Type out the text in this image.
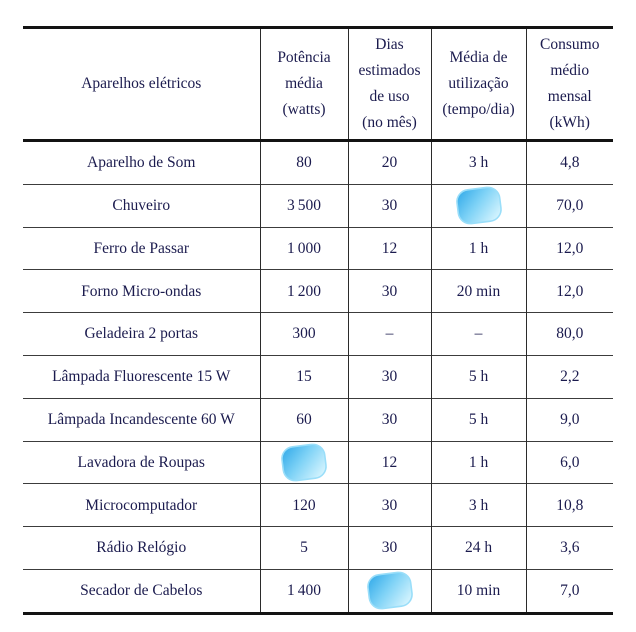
Aparelhos elétricos	Potência
média
(watts)	Dias
estimados
de uso
(no mês)	Média de
utilização
(tempo/dia)	Consumo
médio
mensal
(kWh)

Aparelho de Som	80	20	3 h	4,8
Chuveiro	3 500	30		70,0
Ferro de Passar	1 000	12	1 h	12,0
Forno Micro-ondas	1 200	30	20 min	12,0
Geladeira 2 portas	300	–	–	80,0
Lâmpada Fluorescente 15 W	15	30	5 h	2,2
Lâmpada Incandescente 60 W	60	30	5 h	9,0
Lavadora de Roupas		12	1 h	6,0
Microcomputador	120	30	3 h	10,8
Rádio Relógio	5	30	24 h	3,6
Secador de Cabelos	1 400		10 min	7,0
